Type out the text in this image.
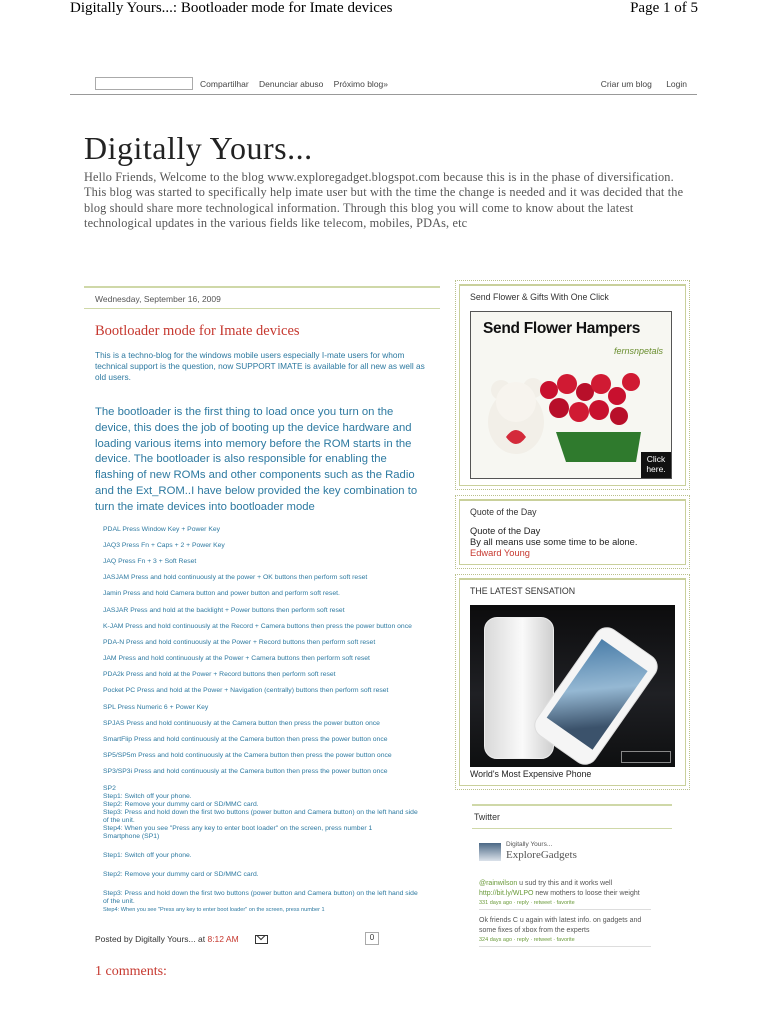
Digitally Yours...: Bootloader mode for Imate devices	Page 1 of 5
Compartilhar Denunciar abuso Próximo blog»	Criar um blog Login
Digitally Yours...
Hello Friends, Welcome to the blog www.exploregadget.blogspot.com because this is in the phase of diversification. This blog was started to specifically help imate user but with the time the change is needed and it was decided that the blog should share more technological information. Through this blog you will come to know about the latest technological updates in the various fields like telecom, mobiles, PDAs, etc
Wednesday, September 16, 2009
Bootloader mode for Imate devices
This is a techno-blog for the windows mobile users especially I-mate users for whom technical support is the question, now SUPPORT IMATE is available for all new as well as old users.
The bootloader is the first thing to load once you turn on the device, this does the job of booting up the device hardware and loading various items into memory before the ROM starts in the device. The bootloader is also responsible for enabling the flashing of new ROMs and other components such as the Radio and the Ext_ROM..I have below provided the key combination to turn the imate devices into bootloader mode
PDAL Press Window Key + Power Key
JAQ3 Press Fn + Caps + 2 + Power Key
JAQ Press Fn + 3 + Soft Reset
JASJAM Press and hold continuously at the power + OK buttons then perform soft reset
Jamin Press and hold Camera button and power button and perform soft reset.
JASJAR Press and hold at the backlight + Power buttons then perform soft reset
K-JAM Press and hold continuously at the Record + Camera buttons then press the power button once
PDA-N Press and hold continuously at the Power + Record buttons then perform soft reset
JAM Press and hold continuously at the Power + Camera buttons then perform soft reset
PDA2k Press and hold at the Power + Record buttons then perform soft reset
Pocket PC Press and hold at the Power + Navigation (centrally) buttons then perform soft reset
SPL Press Numeric 6 + Power Key
SPJAS Press and hold continuously at the Camera button then press the power button once
SmartFlip Press and hold continuously at the Camera button then press the power button once
SP5/SP5m Press and hold continuously at the Camera button then press the power button once
SP3/SP3i Press and hold continuously at the Camera button then press the power button once
SP2
Step1: Switch off your phone.
Step2: Remove your dummy card or SD/MMC card.
Step3: Press and hold down the first two buttons (power button and Camera button) on the left hand side of the unit.
Step4: When you see "Press any key to enter boot loader" on the screen, press number 1
Smartphone (SP1)
Step1: Switch off your phone.
Step2: Remove your dummy card or SD/MMC card.
Step3: Press and hold down the first two buttons (power button and Camera button) on the left hand side of the unit.
Step4: When you see "Press any key to enter boot loader" on the screen, press number 1
Posted by Digitally Yours... at 8:12 AM	0
1 comments:
Send Flower & Gifts With One Click
Send Flower Hampers
fernsnpetals
Click here.
Quote of the Day
Quote of the Day
By all means use some time to be alone.
Edward Young
THE LATEST SENSATION
World's Most Expensive Phone
Twitter
Digitally Yours...
ExploreGadgets
@rainwilson u sud try this and it works well http://bit.ly/WLPO new mothers to loose their weight
331 days ago · reply · retweet · favorite
Ok friends C u again with latest info. on gadgets and some fixes of xbox from the experts
324 days ago · reply · retweet · favorite
